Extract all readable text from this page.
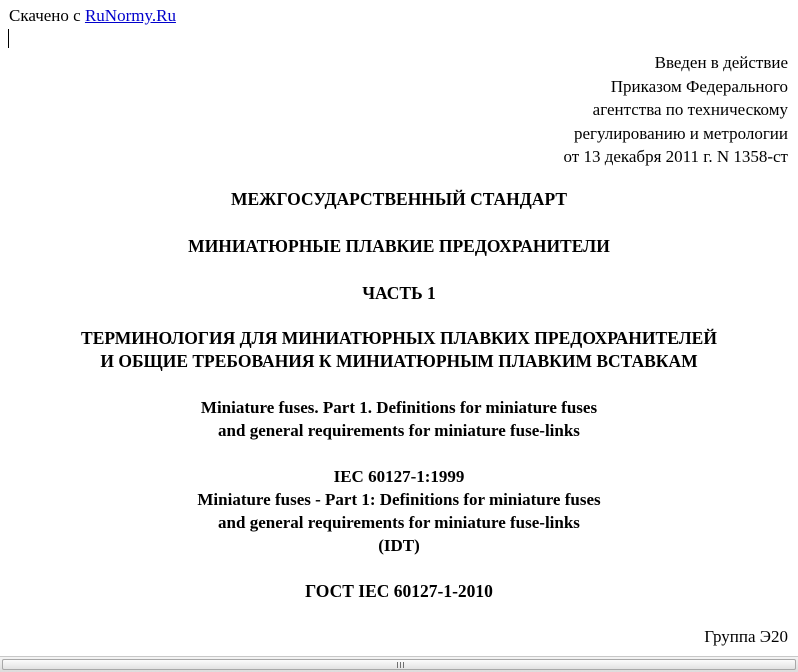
Скачено с RuNormy.Ru
Введен в действие
Приказом Федерального
агентства по техническому
регулированию и метрологии
от 13 декабря 2011 г. N 1358-ст
МЕЖГОСУДАРСТВЕННЫЙ СТАНДАРТ
МИНИАТЮРНЫЕ ПЛАВКИЕ ПРЕДОХРАНИТЕЛИ
ЧАСТЬ 1
ТЕРМИНОЛОГИЯ ДЛЯ МИНИАТЮРНЫХ ПЛАВКИХ ПРЕДОХРАНИТЕЛЕЙ
И ОБЩИЕ ТРЕБОВАНИЯ К МИНИАТЮРНЫМ ПЛАВКИМ ВСТАВКАМ
Miniature fuses. Part 1. Definitions for miniature fuses
and general requirements for miniature fuse-links
IEC 60127-1:1999
Miniature fuses - Part 1: Definitions for miniature fuses
and general requirements for miniature fuse-links
(IDT)
ГОСТ IEC 60127-1-2010
Группа Э20
